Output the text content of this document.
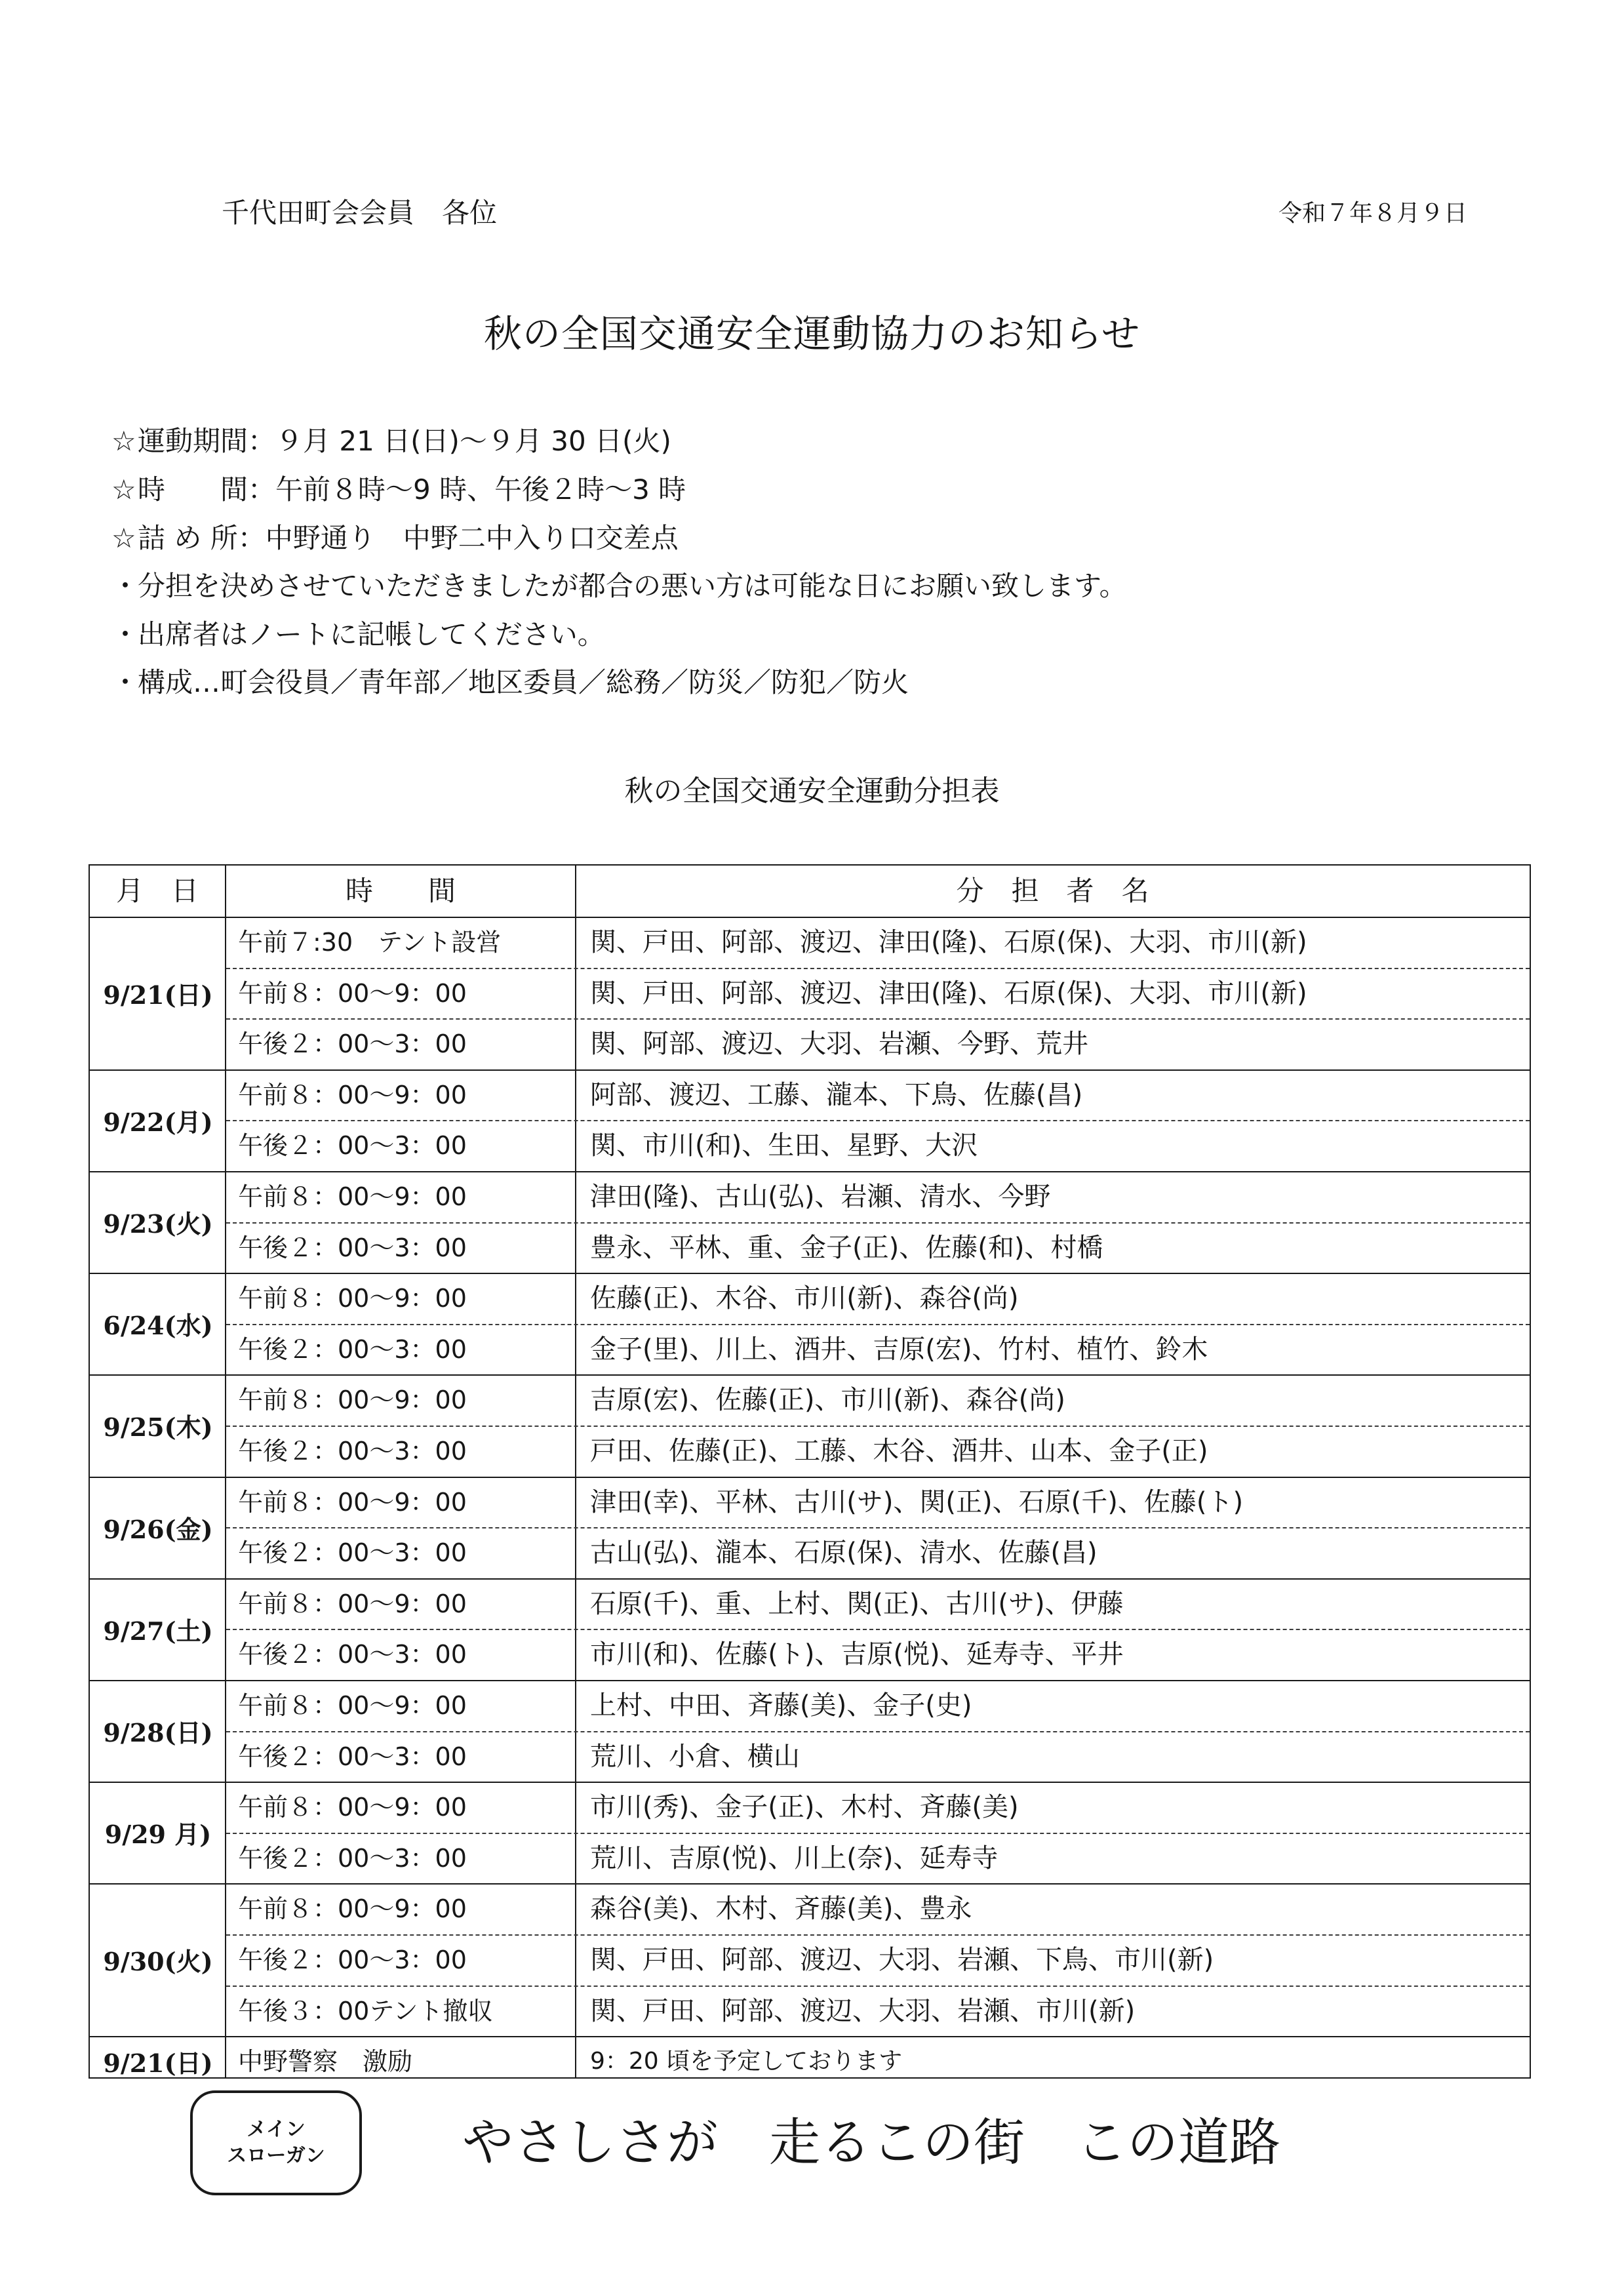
千代田町会会員　各位	令和７年８月９日
秋の全国交通安全運動協力のお知らせ
☆運動期間：９月 21 日(日)～９月 30 日(火)
☆時　　間：午前８時～9 時、午後２時～3 時
☆詰 め 所：中野通り　中野二中入り口交差点
・分担を決めさせていただきましたが都合の悪い方は可能な日にお願い致します。
・出席者はノートに記帳してください。
・構成…町会役員／青年部／地区委員／総務／防災／防犯／防火
秋の全国交通安全運動分担表
月　日	時　　間	分　担　者　名
9/21(日)
午前７:30　テント設営	関、戸田、阿部、渡辺、津田(隆)、石原(保)、大羽、市川(新)
午前８：00～9：00	関、戸田、阿部、渡辺、津田(隆)、石原(保)、大羽、市川(新)
午後２：00～3：00	関、阿部、渡辺、大羽、岩瀬、今野、荒井
9/22(月)
午前８：00～9：00	阿部、渡辺、工藤、瀧本、下鳥、佐藤(昌)
午後２：00～3：00	関、市川(和)、生田、星野、大沢
9/23(火)
午前８：00～9：00	津田(隆)、古山(弘)、岩瀬、清水、今野
午後２：00～3：00	豊永、平林、重、金子(正)、佐藤(和)、村橋
6/24(水)
午前８：00～9：00	佐藤(正)、木谷、市川(新)、森谷(尚)
午後２：00～3：00	金子(里)、川上、酒井、吉原(宏)、竹村、植竹、鈴木
9/25(木)
午前８：00～9：00	吉原(宏)、佐藤(正)、市川(新)、森谷(尚)
午後２：00～3：00	戸田、佐藤(正)、工藤、木谷、酒井、山本、金子(正)
9/26(金)
午前８：00～9：00	津田(幸)、平林、古川(サ)、関(正)、石原(千)、佐藤(ト)
午後２：00～3：00	古山(弘)、瀧本、石原(保)、清水、佐藤(昌)
9/27(土)
午前８：00～9：00	石原(千)、重、上村、関(正)、古川(サ)、伊藤
午後２：00～3：00	市川(和)、佐藤(ト)、吉原(悦)、延寿寺、平井
9/28(日)
午前８：00～9：00	上村、中田、斉藤(美)、金子(史)
午後２：00～3：00	荒川、小倉、横山
9/29 月)
午前８：00～9：00	市川(秀)、金子(正)、木村、斉藤(美)
午後２：00～3：00	荒川、吉原(悦)、川上(奈)、延寿寺
9/30(火)
午前８：00～9：00	森谷(美)、木村、斉藤(美)、豊永
午後２：00～3：00	関、戸田、阿部、渡辺、大羽、岩瀬、下鳥、市川(新)
午後３：00テント撤収	関、戸田、阿部、渡辺、大羽、岩瀬、市川(新)
9/21(日)	中野警察　激励	9：20 頃を予定しております
メイン
スローガン	やさしさが　走るこの街　この道路
